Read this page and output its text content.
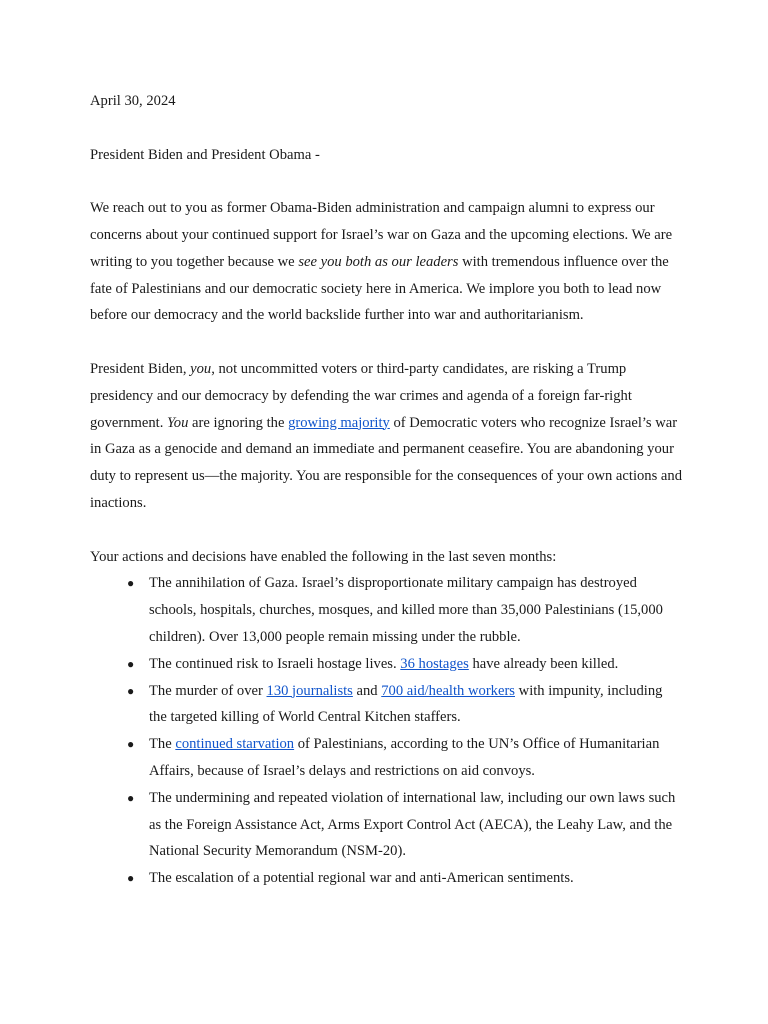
April 30, 2024

President Biden and President Obama -

We reach out to you as former Obama-Biden administration and campaign alumni to express our concerns about your continued support for Israel’s war on Gaza and the upcoming elections. We are writing to you together because we see you both as our leaders with tremendous influence over the fate of Palestinians and our democratic society here in America. We implore you both to lead now before our democracy and the world backslide further into war and authoritarianism.

President Biden, you, not uncommitted voters or third-party candidates, are risking a Trump presidency and our democracy by defending the war crimes and agenda of a foreign far-right government. You are ignoring the growing majority of Democratic voters who recognize Israel’s war in Gaza as a genocide and demand an immediate and permanent ceasefire. You are abandoning your duty to represent us—the majority. You are responsible for the consequences of your own actions and inactions.

Your actions and decisions have enabled the following in the last seven months:

● The annihilation of Gaza. Israel’s disproportionate military campaign has destroyed schools, hospitals, churches, mosques, and killed more than 35,000 Palestinians (15,000 children). Over 13,000 people remain missing under the rubble.
● The continued risk to Israeli hostage lives. 36 hostages have already been killed.
● The murder of over 130 journalists and 700 aid/health workers with impunity, including the targeted killing of World Central Kitchen staffers.
● The continued starvation of Palestinians, according to the UN’s Office of Humanitarian Affairs, because of Israel’s delays and restrictions on aid convoys.
● The undermining and repeated violation of international law, including our own laws such as the Foreign Assistance Act, Arms Export Control Act (AECA), the Leahy Law, and the National Security Memorandum (NSM-20).
● The escalation of a potential regional war and anti-American sentiments.
